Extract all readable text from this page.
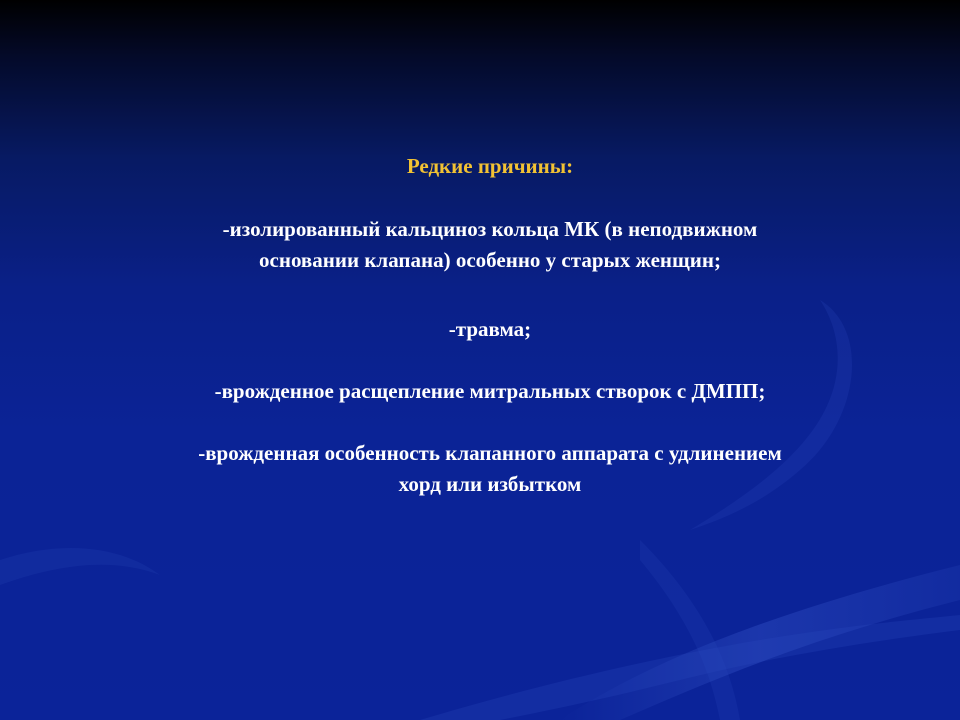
Редкие причины:
-изолированный кальциноз кольца МК (в неподвижном
основании клапана) особенно у старых женщин;
-травма;
-врожденное расщепление митральных створок с ДМПП;
-врожденная особенность клапанного аппарата с удлинением
хорд или избытком
